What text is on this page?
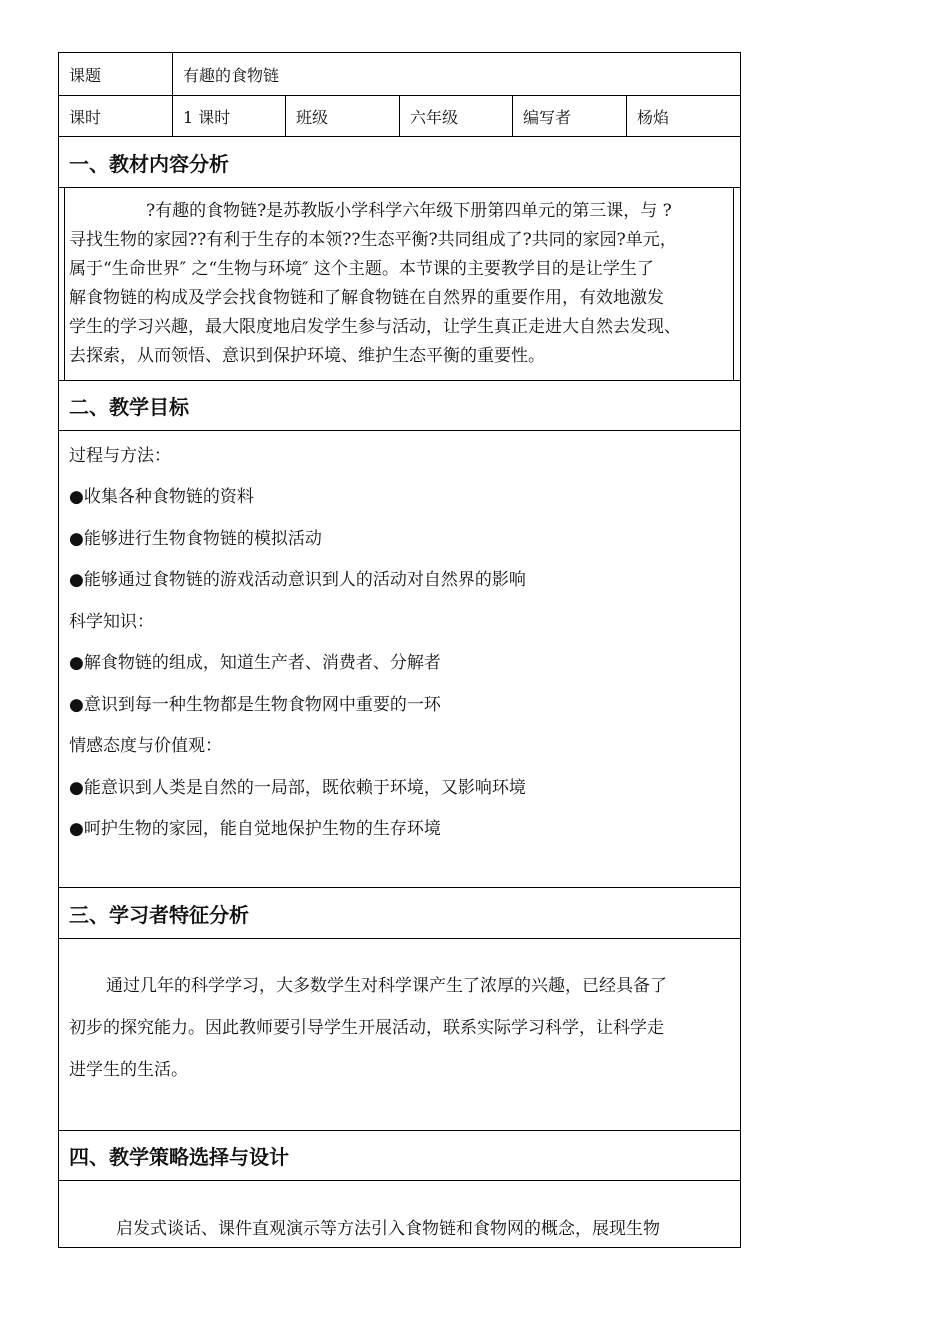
课题	有趣的食物链
课时	1 课时	班级	六年级	编写者	杨焰
一、教材内容分析
?有趣的食物链?是苏教版小学科学六年级下册第四单元的第三课，与 ?
寻找生物的家园??有利于生存的本领??生态平衡?共同组成了?共同的家园?单元，
属于“生命世界″ 之“生物与环境″ 这个主题。本节课的主要教学目的是让学生了
解食物链的构成及学会找食物链和了解食物链在自然界的重要作用，有效地激发
学生的学习兴趣，最大限度地启发学生参与活动，让学生真正走进大自然去发现、
去探索，从而领悟、意识到保护环境、维护生态平衡的重要性。
二、教学目标
过程与方法：
●收集各种食物链的资料
●能够进行生物食物链的模拟活动
●能够通过食物链的游戏活动意识到人的活动对自然界的影响
科学知识：
●解食物链的组成，知道生产者、消费者、分解者
●意识到每一种生物都是生物食物网中重要的一环
情感态度与价值观：
●能意识到人类是自然的一局部，既依赖于环境，又影响环境
●呵护生物的家园，能自觉地保护生物的生存环境
三、学习者特征分析
通过几年的科学学习，大多数学生对科学课产生了浓厚的兴趣，已经具备了
初步的探究能力。因此教师要引导学生开展活动，联系实际学习科学，让科学走
进学生的生活。
四、教学策略选择与设计
启发式谈话、课件直观演示等方法引入食物链和食物网的概念，展现生物
